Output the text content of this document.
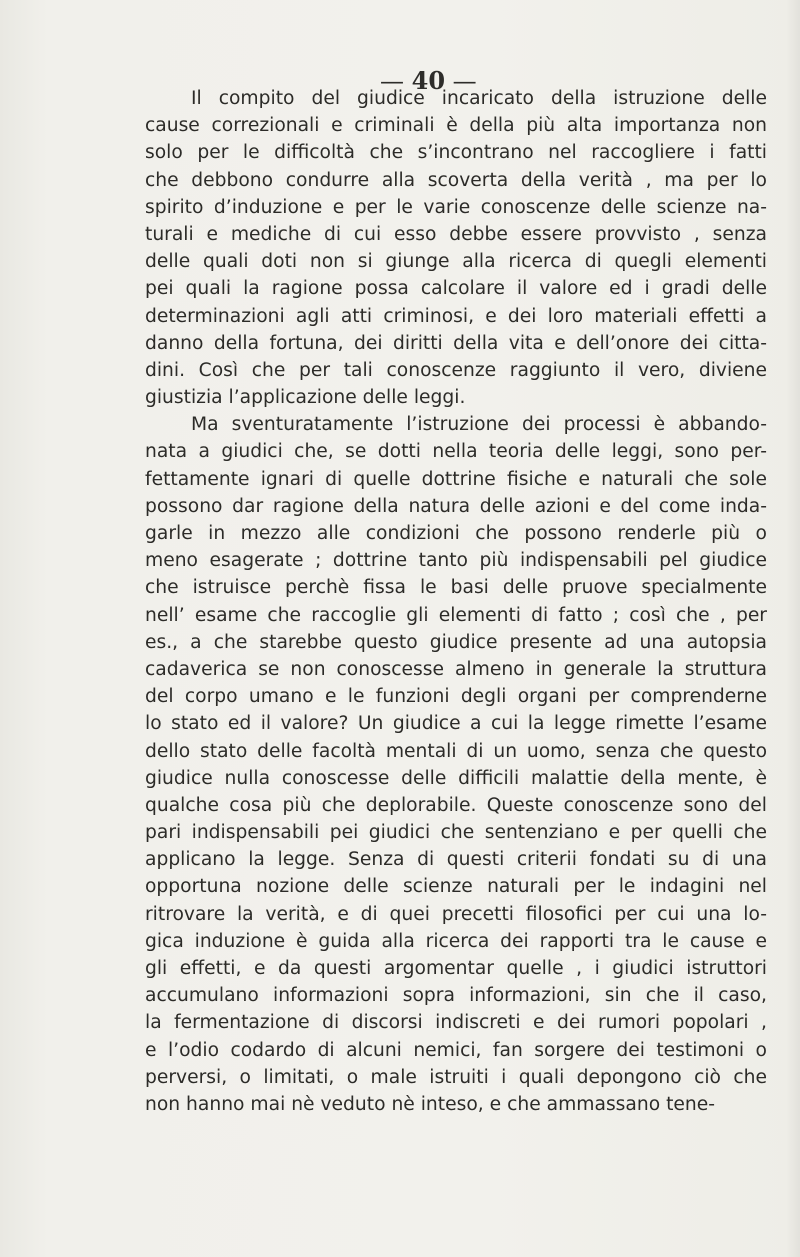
— 40 —
Il compito del giudice incaricato della istruzione delle
cause correzionali e criminali è della più alta importanza non
solo per le difficoltà che s’incontrano nel raccogliere i fatti
che debbono condurre alla scoverta della verità , ma per lo
spirito d’induzione e per le varie conoscenze delle scienze na-
turali e mediche di cui esso debbe essere provvisto , senza
delle quali doti non si giunge alla ricerca di quegli elementi
pei quali la ragione possa calcolare il valore ed i gradi delle
determinazioni agli atti criminosi, e dei loro materiali effetti a
danno della fortuna, dei diritti della vita e dell’onore dei citta-
dini. Così che per tali conoscenze raggiunto il vero, diviene
giustizia l’applicazione delle leggi.
Ma sventuratamente l’istruzione dei processi è abbando-
nata a giudici che, se dotti nella teoria delle leggi, sono per-
fettamente ignari di quelle dottrine fisiche e naturali che sole
possono dar ragione della natura delle azioni e del come inda-
garle in mezzo alle condizioni che possono renderle più o
meno esagerate ; dottrine tanto più indispensabili pel giudice
che istruisce perchè fissa le basi delle pruove specialmente
nell’ esame che raccoglie gli elementi di fatto ; così che , per
es., a che starebbe questo giudice presente ad una autopsia
cadaverica se non conoscesse almeno in generale la struttura
del corpo umano e le funzioni degli organi per comprenderne
lo stato ed il valore? Un giudice a cui la legge rimette l’esame
dello stato delle facoltà mentali di un uomo, senza che questo
giudice nulla conoscesse delle difficili malattie della mente, è
qualche cosa più che deplorabile. Queste conoscenze sono del
pari indispensabili pei giudici che sentenziano e per quelli che
applicano la legge. Senza di questi criterii fondati su di una
opportuna nozione delle scienze naturali per le indagini nel
ritrovare la verità, e di quei precetti filosofici per cui una lo-
gica induzione è guida alla ricerca dei rapporti tra le cause e
gli effetti, e da questi argomentar quelle , i giudici istruttori
accumulano informazioni sopra informazioni, sin che il caso,
la fermentazione di discorsi indiscreti e dei rumori popolari ,
e l’odio codardo di alcuni nemici, fan sorgere dei testimoni o
perversi, o limitati, o male istruiti i quali depongono ciò che
non hanno mai nè veduto nè inteso, e che ammassano tene-
